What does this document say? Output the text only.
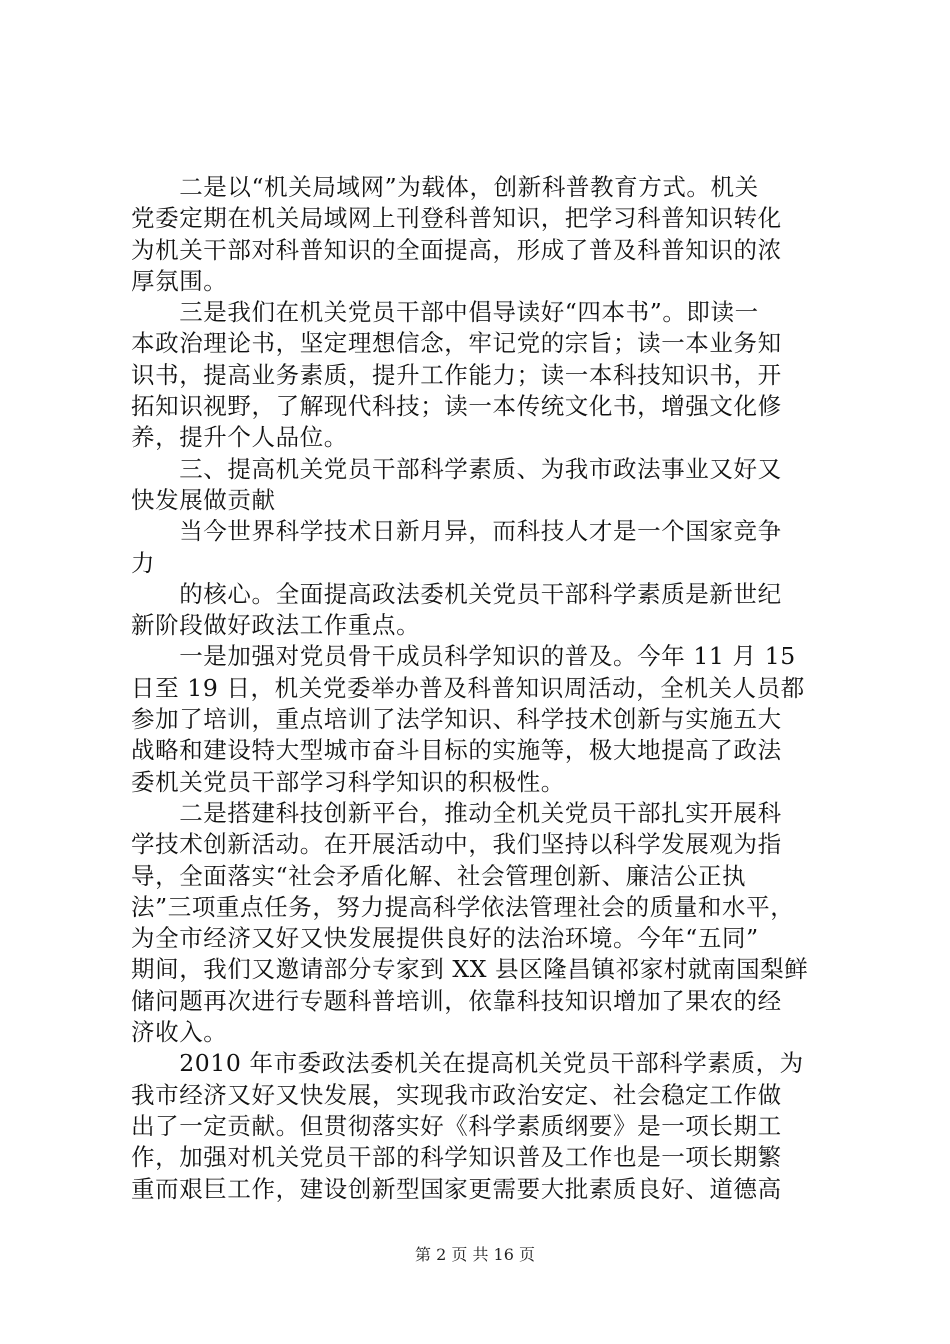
　　二是以“机关局域网”为载体，创新科普教育方式。机关
党委定期在机关局域网上刊登科普知识，把学习科普知识转化
为机关干部对科普知识的全面提高，形成了普及科普知识的浓
厚氛围。

　　三是我们在机关党员干部中倡导读好“四本书”。即读一
本政治理论书，坚定理想信念，牢记党的宗旨；读一本业务知
识书，提高业务素质，提升工作能力；读一本科技知识书，开
拓知识视野，了解现代科技；读一本传统文化书，增强文化修
养，提升个人品位。

　　三、提高机关党员干部科学素质、为我市政法事业又好又
快发展做贡献

　　当今世界科学技术日新月异，而科技人才是一个国家竞争
力

　　的核心。全面提高政法委机关党员干部科学素质是新世纪
新阶段做好政法工作重点。

　　一是加强对党员骨干成员科学知识的普及。今年 11 月 15
日至 19 日，机关党委举办普及科普知识周活动，全机关人员都
参加了培训，重点培训了法学知识、科学技术创新与实施五大
战略和建设特大型城市奋斗目标的实施等，极大地提高了政法
委机关党员干部学习科学知识的积极性。

　　二是搭建科技创新平台，推动全机关党员干部扎实开展科
学技术创新活动。在开展活动中，我们坚持以科学发展观为指
导，全面落实“社会矛盾化解、社会管理创新、廉洁公正执
法”三项重点任务，努力提高科学依法管理社会的质量和水平，
为全市经济又好又快发展提供良好的法治环境。今年“五同”
期间，我们又邀请部分专家到 XX 县区隆昌镇祁家村就南国梨鲜
储问题再次进行专题科普培训，依靠科技知识增加了果农的经
济收入。

　　2010 年市委政法委机关在提高机关党员干部科学素质，为
我市经济又好又快发展，实现我市政治安定、社会稳定工作做
出了一定贡献。但贯彻落实好《科学素质纲要》是一项长期工
作，加强对机关党员干部的科学知识普及工作也是一项长期繁
重而艰巨工作，建设创新型国家更需要大批素质良好、道德高

第 2 页 共 16 页
